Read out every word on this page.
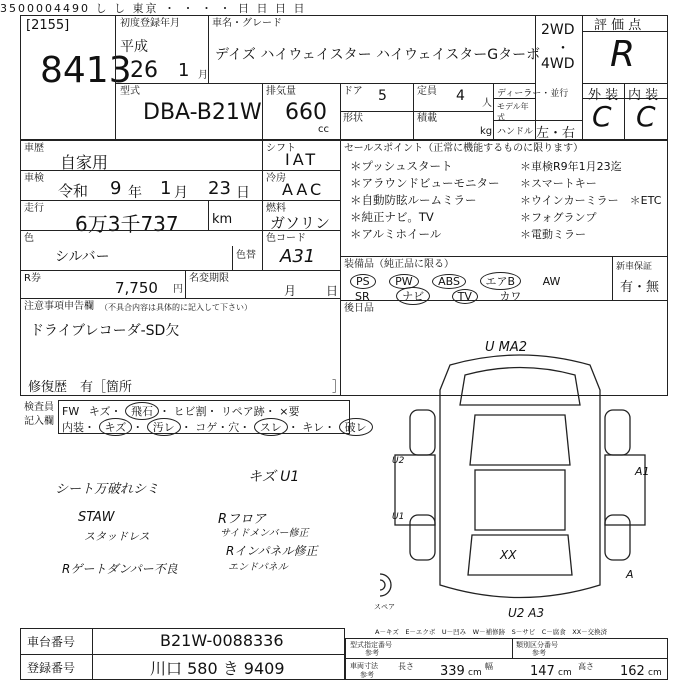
3500004490 し し 東京 ・ ・ ・ ・ 日 日 日 日
[2155]
8413
初度登録年月
平成
26 1 月
車名・グレード
デイズ ハイウェイスター ハイウェイスターGターボ
2WD
・
4WD
評 価 点
R
型式
DBA-B21W
排気量
660
cc
ドア 5	定員 4 人
形状	積載
kg
ディーラー・並行
モデル年式
ハンドル 左・右
外 装 内 装
C C
車歴
自家用
車検
令和 9 年 1 月 23 日
走行
6万3千737	km
シフト
IAT
冷房
AAC
燃料
ガソリン
色
シルバー	色替
色コード
A31
R券
7,750 円
名変期限
月 日
注意事項申告欄 （不具合内容は具体的に記入して下さい）
ドライブレコーダ-SD欠
修復歴 有［箇所	］
セールスポイント（正常に機能するものに限ります）
＊プッシュスタート
＊アラウンドビューモニター
＊自動防眩ルームミラー
＊純正ナビ。TV
＊アルミホイール
＊車検R9年1月23迄
＊スマートキー
＊ウインカーミラー　＊ETC
＊フォグランプ
＊電動ミラー
装備品（純正品に限る）
PS PW ABS エアB	AW
SR	ナビ	TV	カワ
新車保証
有・無
後日品
検査員
記入欄
FW キズ・ 飛石 ・ ヒビ割・ リペア跡・ ×要
内装・ キズ ・ 汚レ ・ コゲ・穴・ スレ ・ キレ・ 破レ
シート万破れシミ
STAW
スタッドレス
Rゲートダンパー不良
キズ U1
Rフロア
サイドメンバー修正
Rインパネル修正
エンドパネル
U MA2
A1
U2
U1
A
XX
U2 A3
スペア
A－キズ　E－エクボ　U－凹み　W－補修跡　S－サビ　C－腐食　XX－交換済
車台番号	B21W-0088336
登録番号	川口 580 き 9409
型式指定番号
参考
類別区分番号
参考
車両寸法
参考
長さ 339 cm
幅	147 cm
高さ 162 cm
